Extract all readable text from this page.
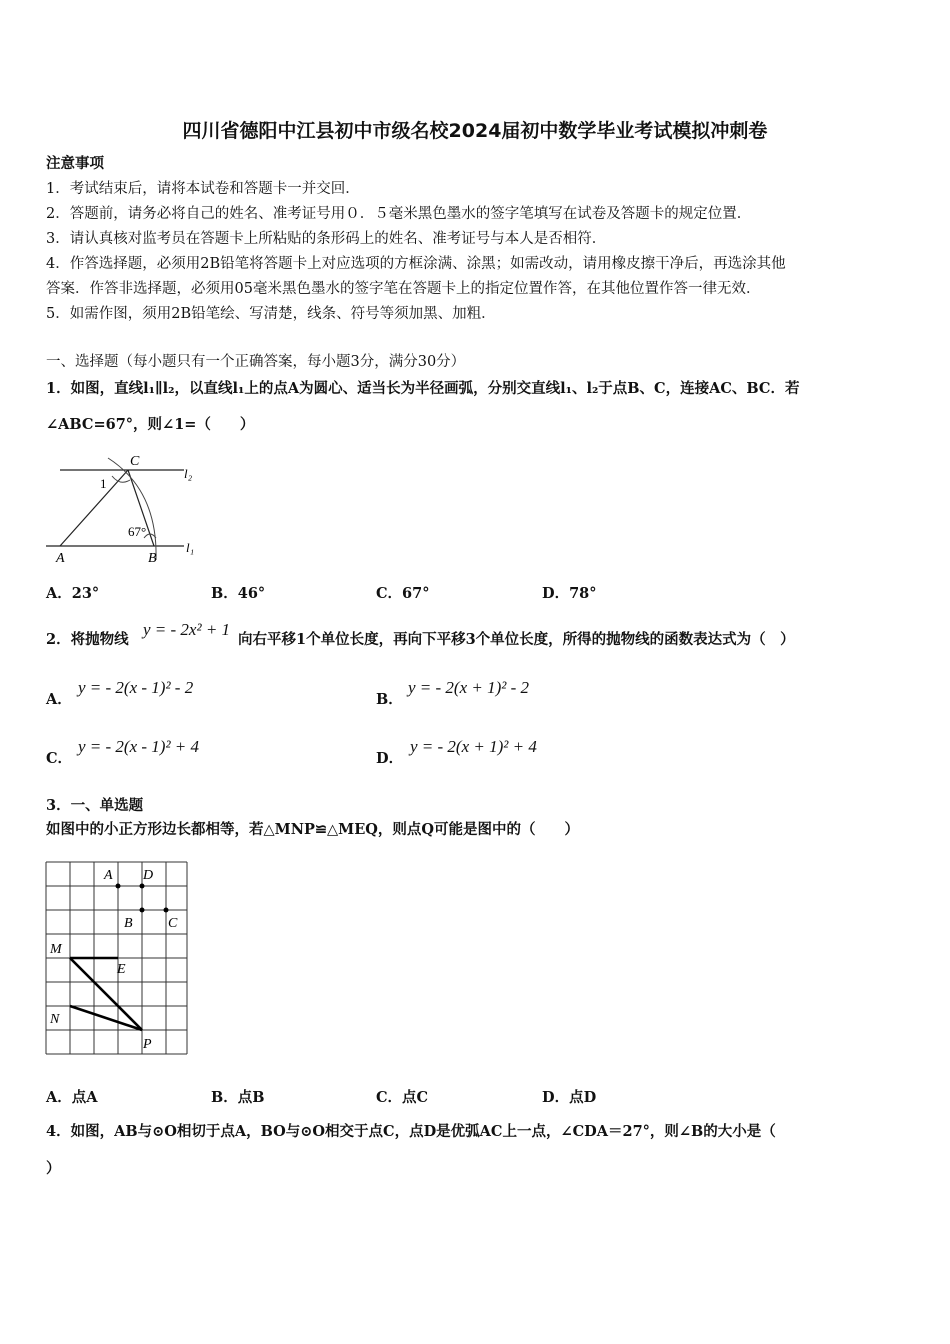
四川省德阳中江县初中市级名校2024届初中数学毕业考试模拟冲刺卷
注意事项
1．考试结束后，请将本试卷和答题卡一并交回．
2．答题前，请务必将自己的姓名、准考证号用０．５毫米黑色墨水的签字笔填写在试卷及答题卡的规定位置．
3．请认真核对监考员在答题卡上所粘贴的条形码上的姓名、准考证号与本人是否相符．
4．作答选择题，必须用2B铅笔将答题卡上对应选项的方框涂满、涂黑；如需改动，请用橡皮擦干净后，再选涂其他
答案．作答非选择题，必须用05毫米黑色墨水的签字笔在答题卡上的指定位置作答，在其他位置作答一律无效．
5．如需作图，须用2B铅笔绘、写清楚，线条、符号等须加黑、加粗．
一、选择题（每小题只有一个正确答案，每小题3分，满分30分）
1．如图，直线l₁∥l₂，以直线l₁上的点A为圆心、适当长为半径画弧，分别交直线l₁、l₂于点B、C，连接AC、BC．若
∠ABC=67°，则∠1=（　　）
C
l₂
1
67°
A	B
l₁
A．23°	B．46°	C．67°	D．78°
2．将抛物线
y = - 2x² + 1
向右平移1个单位长度，再向下平移3个单位长度，所得的抛物线的函数表达式为（　）
A．
y = - 2(x - 1)² - 2
B．
y = - 2(x + 1)² - 2
C．
y = - 2(x - 1)² + 4
D．
y = - 2(x + 1)² + 4
3．一、单选题
如图中的小正方形边长都相等，若△MNP≌△MEQ，则点Q可能是图中的（　　）
A D
B	C
M
E
N
P
A．点A	B．点B	C．点C	D．点D
4．如图，AB与⊙O相切于点A，BO与⊙O相交于点C，点D是优弧AC上一点，∠CDA＝27°，则∠B的大小是（
）
